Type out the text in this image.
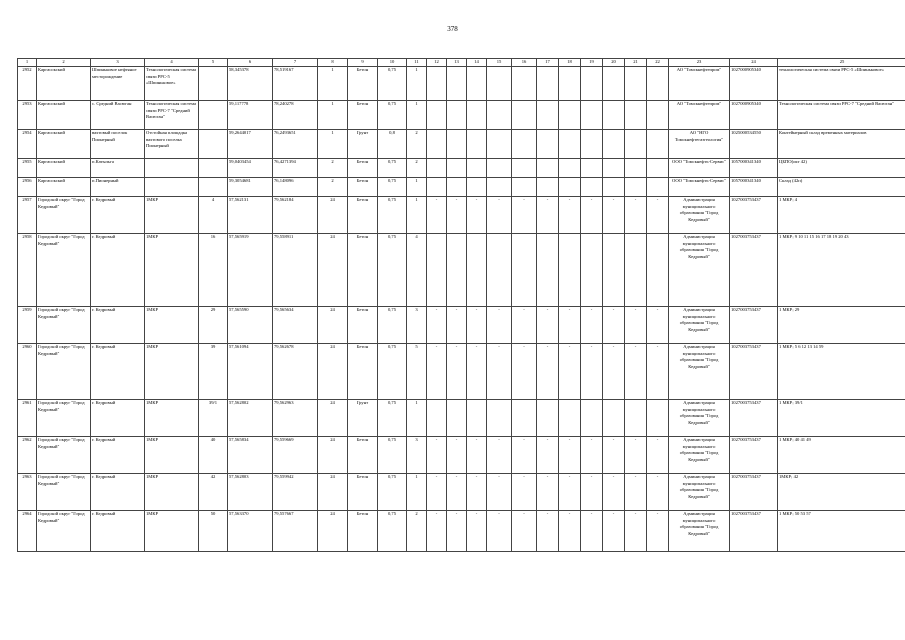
378
1	2	3	4	5	6	7	8	9	10	11	12	13	14	15	16	17	18	19	20	21	22	23	24	25
2952	Каргасокский	Шпиньковое нефтяное месторождение	Технологическая система связи РРС-5 «Шпиньковое»		58,345378	78,519167	1	Бетон	0,75	1												АО "Томскнефтепром"	1027000905340	технологическая система связи РРС-5 «Шпиньковое»
2953	Каргасокский	с. Средний Васюган	Технологическая система связи РРС-7 "Средний Васюган"		59,117778	78,240278	1	Бетон	0,75	1												АО "Томскнефтепром"	1027000905340	Технологическая система связи РРС-7 "Средний Васюган"
2954	Каргасокский	вахтовый поселок Пионерный	Отстойная площадка вахтового поселка Пионерный		59,2644017	76,2493651	1	Грунт	0,8	2												АО "НГО Томскнефтегазгеология"	1025000534550	Контейнерный склад временных материалов
2955	Каргасокский	п.Катыльга			59,0403454	76,4271394	2	Бетон	0,75	2												ООО "Томскнефть-Сервис"	1057000341340	ЦБПО(окт 42)
2956	Каргасокский	п.Пионерный			59,3054681	76,148096	2	Бетон	0,75	1												ООО "Томскнефть-Сервис"	1057000341340	Склад (42п)
2957	Городской округ "Город Кедровый"	г. Кедровый	1МКР	4	57,562131	79,562184	24	Бетон	0,75	1	-	-	-	-	-	-	-	-	-	-	-	Администрация муниципального образования "Город Кедровый"	1027003753437	1 МКР; 4
2958	Городской округ "Город Кедровый"	г. Кедровый	1МКР	16	57,565919	79,558911	24	Бетон	0,75	4												Администрация муниципального образования "Город Кедровый"	1027003753437	1 МКР; 9 10 11 15 16 17 18 19 20 43
2959	Городской округ "Город Кедровый"	г. Кедровый	1МКР	29	57,565590	79,565634	24	Бетон	0,75	3	-	-	-	-	-	-	-	-	-	-	-	Администрация муниципального образования "Город Кедровый"	1027003753437	1 МКР; 29
2960	Городской округ "Город Кедровый"	г. Кедровый	1МКР	39	57,561094	79,562678	24	Бетон	0,75	5	-	-	-	-	-	-	-	-	-	-	-	Администрация муниципального образования "Город Кедровый"	1027003753437	1 МКР; 5 6 12 13 14 59
2961	Городской округ "Город Кедровый"	г. Кедровый	1МКР	39/1	57,562802	79,562963	24	Грунт	0,75	1												Администрация муниципального образования "Город Кедровый"	1027003753437	1 МКР; 39/1
2962	Городской округ "Город Кедровый"	г. Кедровый	1МКР	40	57,565834	79,559669	24	Бетон	0,75	3	-	-	-	-	-	-	-	-	-	-	-	Администрация муниципального образования "Город Кедровый"	1027003753437	1 МКР; 40 41 49
2963	Городской округ "Город Кедровый"	г. Кедровый	1МКР	42	57,562803	79,559942	24	Бетон	0,75	1	-	-	-	-	-	-	-	-	-	-	-	Администрация муниципального образования "Город Кедровый"	1027003753437	1МКР; 42
2964	Городской округ "Город Кедровый"	г. Кедровый	1МКР	50	57,563370	79,557667	24	Бетон	0,75	2	-	-	-	-	-	-	-	-	-	-	-	Администрация муниципального образования "Город Кедровый"	1027003753437	1 МКР; 50 53 57
